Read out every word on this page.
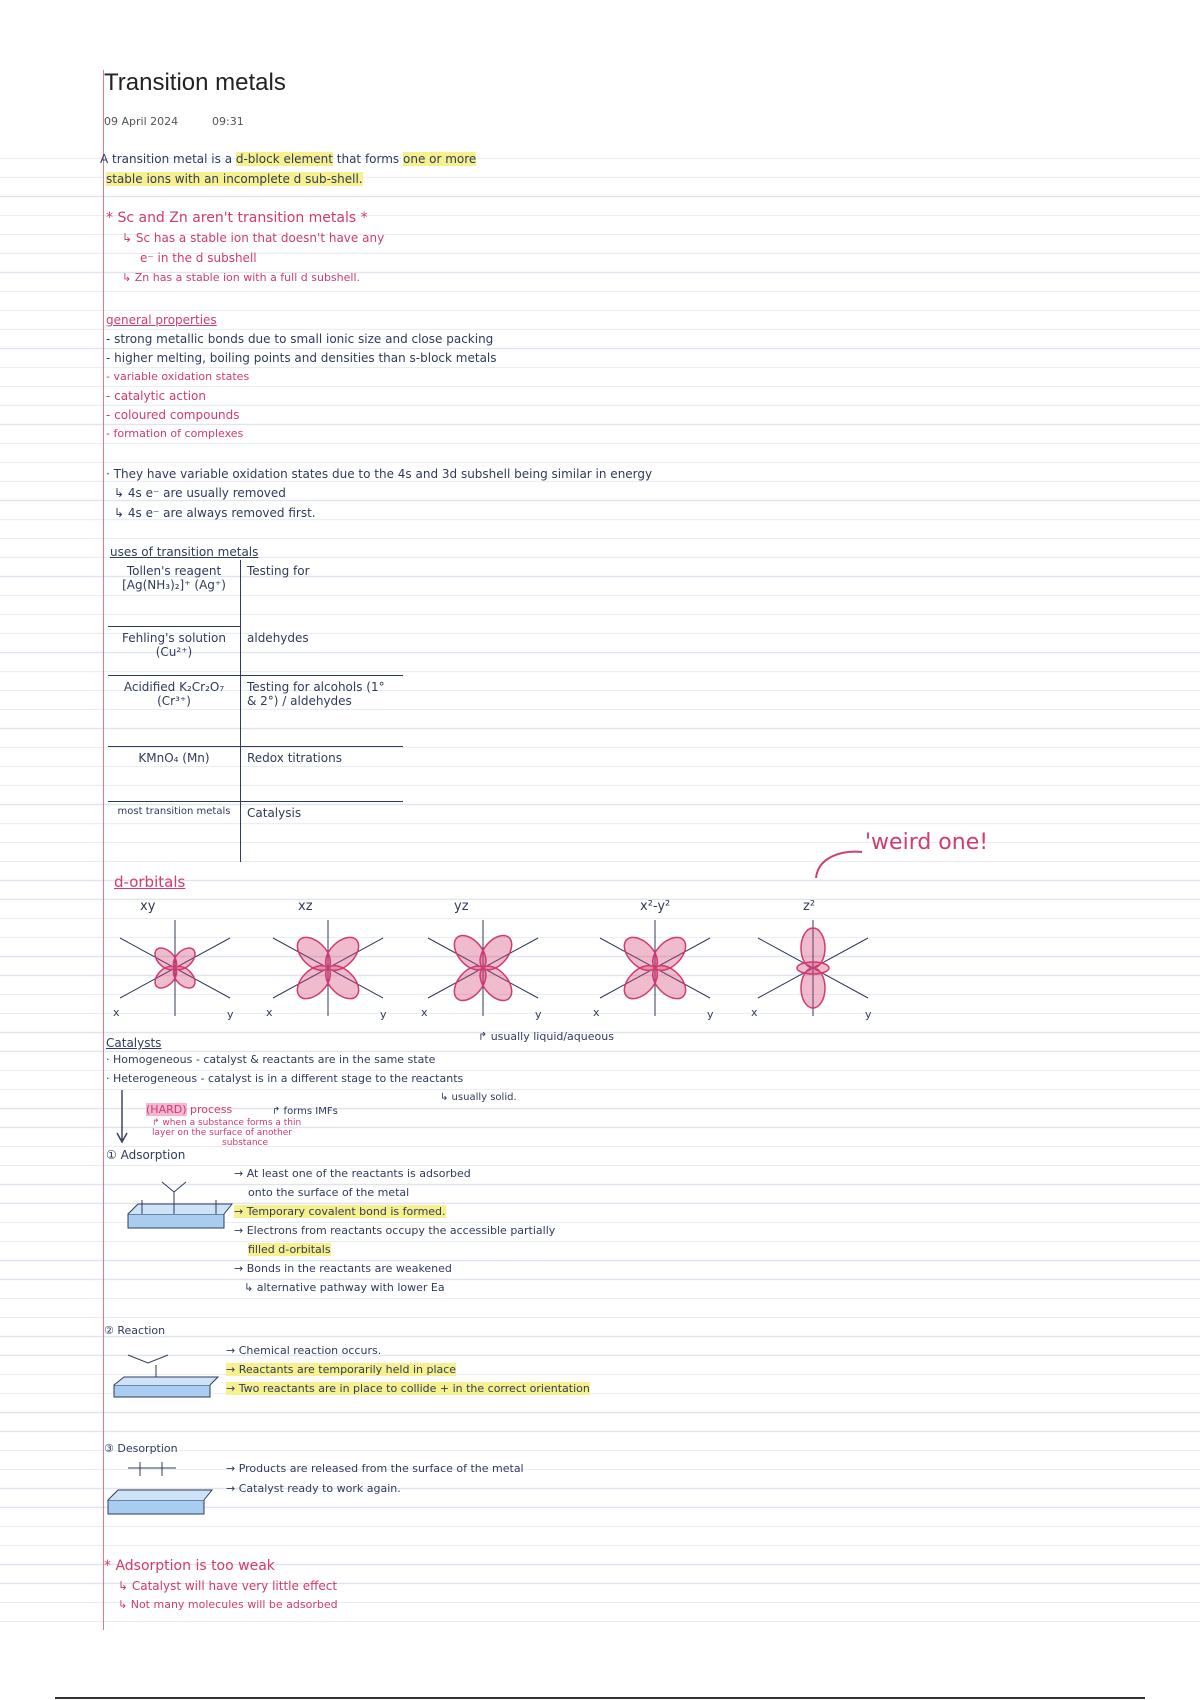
Transition metals
09 April 2024	09:31
A transition metal is a d-block element that forms one or more
stable ions with an incomplete d sub-shell.
* Sc and Zn aren't transition metals *
↳ Sc has a stable ion that doesn't have any
e⁻ in the d subshell
↳ Zn has a stable ion with a full d subshell.
general properties
- strong metallic bonds due to small ionic size and close packing
- higher melting, boiling points and densities than s-block metals
- variable oxidation states
- catalytic action
- coloured compounds
- formation of complexes
· They have variable oxidation states due to the 4s and 3d subshell being similar in energy
↳ 4s e⁻ are usually removed
↳ 4s e⁻ are always removed first.
uses of transition metals
Tollen's reagent [Ag(NH₃)₂]⁺ (Ag⁺)	Testing for
Fehling's solution (Cu²⁺)	aldehydes
Acidified K₂Cr₂O₇ (Cr³⁺)	Testing for alcohols (1° & 2°) / aldehydes
KMnO₄ (Mn)	Redox titrations
most transition metals	Catalysis
d-orbitals
'weird one!
xy	xz	yz	x²-y²	z²
x	y	x	y	x	y	x	y	x	y
Catalysts	↱ usually liquid/aqueous
· Homogeneous - catalyst & reactants are in the same state
· Heterogeneous - catalyst is in a different stage to the reactants
↳ usually solid.
(HARD) process	↱ forms IMFs
↱ when a substance forms a thin
layer on the surface of another
substance
① Adsorption
→ At least one of the reactants is adsorbed
onto the surface of the metal
→ Temporary covalent bond is formed.
→ Electrons from reactants occupy the accessible partially
filled d-orbitals
→ Bonds in the reactants are weakened
↳ alternative pathway with lower Ea
② Reaction
→ Chemical reaction occurs.
→ Reactants are temporarily held in place
→ Two reactants are in place to collide + in the correct orientation
③ Desorption
→ Products are released from the surface of the metal
→ Catalyst ready to work again.
* Adsorption is too weak
↳ Catalyst will have very little effect
↳ Not many molecules will be adsorbed
